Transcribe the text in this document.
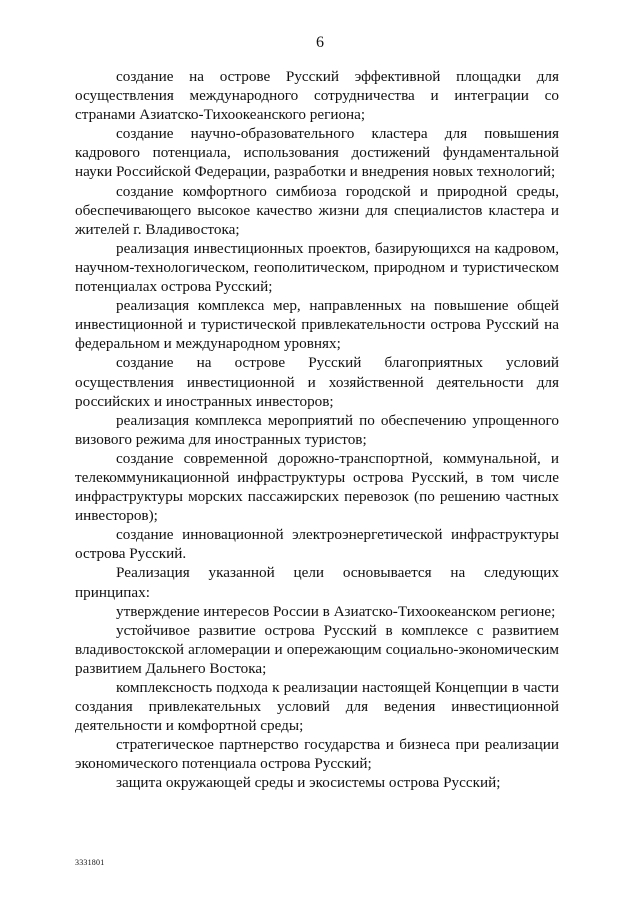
6

создание на острове Русский эффективной площадки для осуществления международного сотрудничества и интеграции со странами Азиатско-Тихоокеанского региона;

создание научно-образовательного кластера для повышения кадрового потенциала, использования достижений фундаментальной науки Российской Федерации, разработки и внедрения новых технологий;

создание комфортного симбиоза городской и природной среды, обеспечивающего высокое качество жизни для специалистов кластера и жителей г. Владивостока;

реализация инвестиционных проектов, базирующихся на кадровом, научном-технологическом, геополитическом, природном и туристическом потенциалах острова Русский;

реализация комплекса мер, направленных на повышение общей инвестиционной и туристической привлекательности острова Русский на федеральном и международном уровнях;

создание на острове Русский благоприятных условий осуществления инвестиционной и хозяйственной деятельности для российских и иностранных инвесторов;

реализация комплекса мероприятий по обеспечению упрощенного визового режима для иностранных туристов;

создание современной дорожно-транспортной, коммунальной, и телекоммуникационной инфраструктуры острова Русский, в том числе инфраструктуры морских пассажирских перевозок (по решению частных инвесторов);

создание инновационной электроэнергетической инфраструктуры острова Русский.

Реализация указанной цели основывается на следующих принципах:

утверждение интересов России в Азиатско-Тихоокеанском регионе;

устойчивое развитие острова Русский в комплексе с развитием владивостокской агломерации и опережающим социально-экономическим развитием Дальнего Востока;

комплексность подхода к реализации настоящей Концепции в части создания привлекательных условий для ведения инвестиционной деятельности и комфортной среды;

стратегическое партнерство государства и бизнеса при реализации экономического потенциала острова Русский;

защита окружающей среды и экосистемы острова Русский;

3331801
